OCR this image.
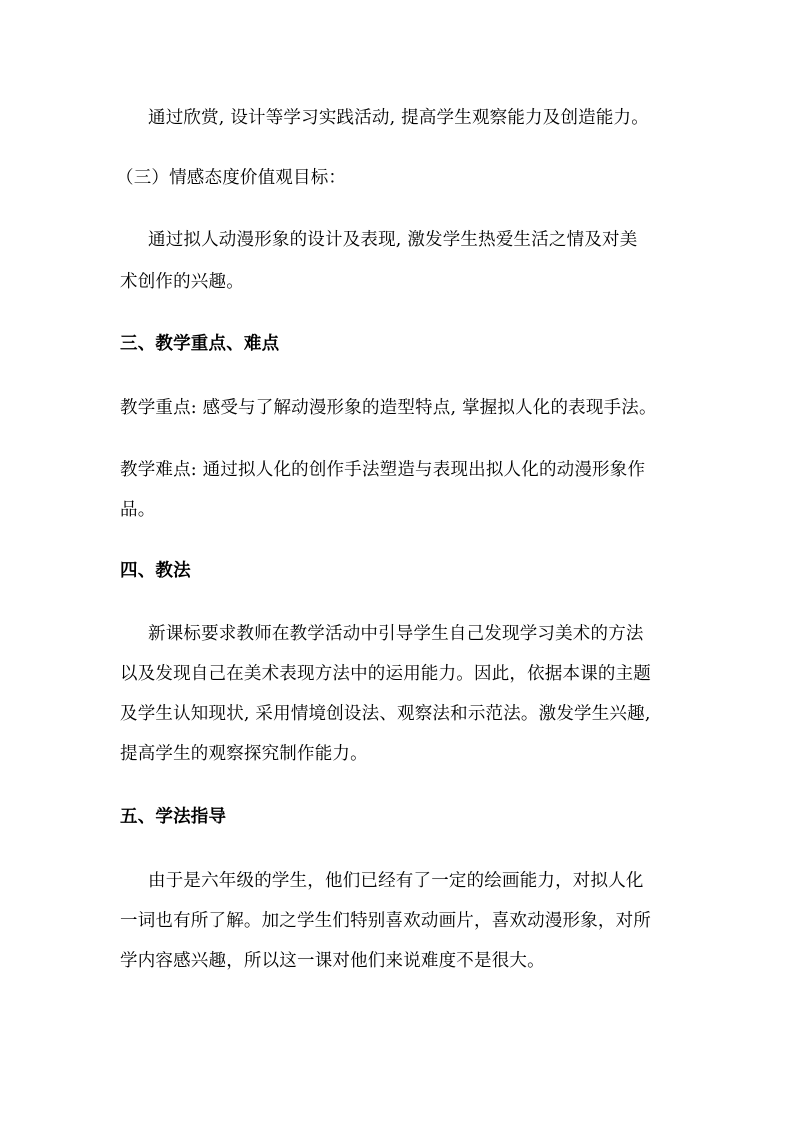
通过欣赏, 设计等学习实践活动, 提高学生观察能力及创造能力。
（三）情感态度价值观目标：
通过拟人动漫形象的设计及表现, 激发学生热爱生活之情及对美
术创作的兴趣。
三、教学重点、难点
教学重点: 感受与了解动漫形象的造型特点, 掌握拟人化的表现手法。
教学难点: 通过拟人化的创作手法塑造与表现出拟人化的动漫形象作
品。
四、教法
新课标要求教师在教学活动中引导学生自己发现学习美术的方法
以及发现自己在美术表现方法中的运用能力。因此，依据本课的主题
及学生认知现状, 采用情境创设法、观察法和示范法。激发学生兴趣,
提高学生的观察探究制作能力。
五、学法指导
由于是六年级的学生，他们已经有了一定的绘画能力，对拟人化
一词也有所了解。加之学生们特别喜欢动画片，喜欢动漫形象，对所
学内容感兴趣，所以这一课对他们来说难度不是很大。
